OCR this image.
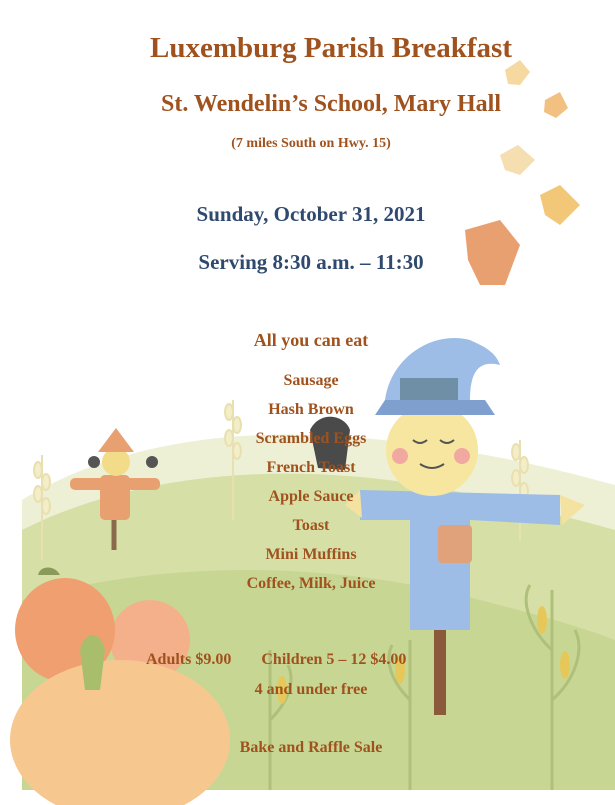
Luxemburg Parish Breakfast
St. Wendelin’s School, Mary Hall
(7 miles South on Hwy. 15)
Sunday, October 31, 2021
Serving 8:30 a.m. – 11:30
All you can eat
Sausage
Hash Brown
Scrambled Eggs
French Toast
Apple Sauce
Toast
Mini Muffins
Coffee, Milk, Juice
Adults $9.00 Children 5 – 12 $4.00
4 and under free
Bake and Raffle Sale
